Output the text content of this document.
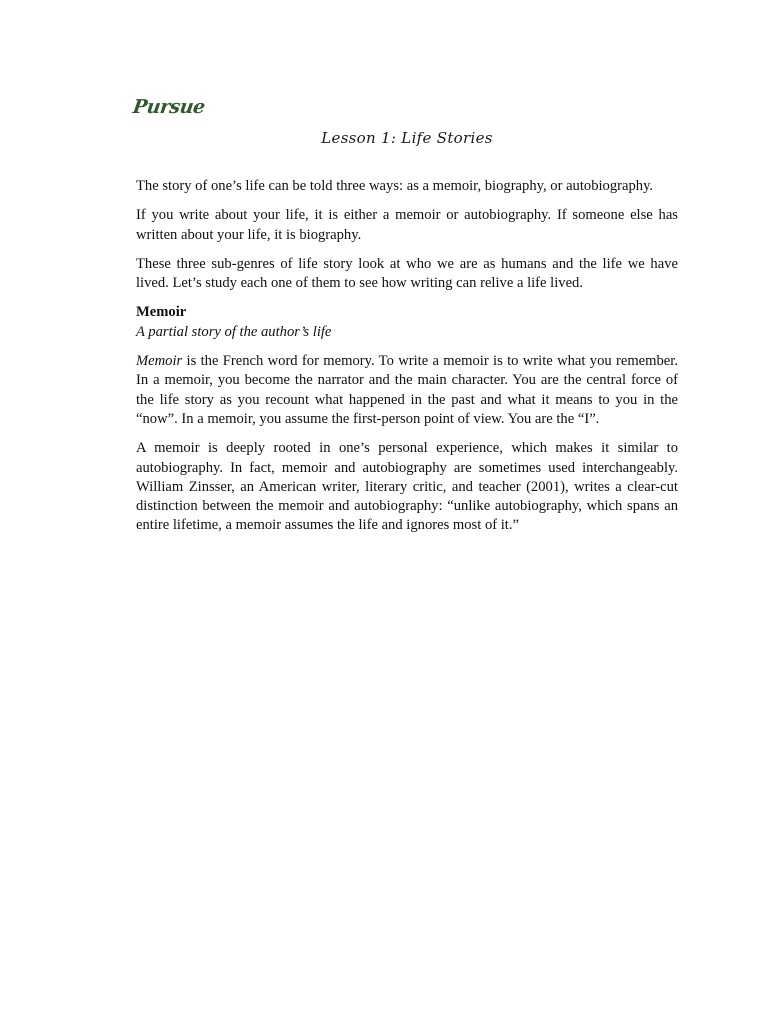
Pursue
Lesson 1: Life Stories

The story of one’s life can be told three ways: as a memoir, biography, or autobiography.

If you write about your life, it is either a memoir or autobiography. If someone else has written about your life, it is biography.

These three sub-genres of life story look at who we are as humans and the life we have lived. Let’s study each one of them to see how writing can relive a life lived.

Memoir
A partial story of the author’s life

Memoir is the French word for memory. To write a memoir is to write what you remember. In a memoir, you become the narrator and the main character. You are the central force of the life story as you recount what happened in the past and what it means to you in the “now”. In a memoir, you assume the first-person point of view. You are the “I”.

A memoir is deeply rooted in one’s personal experience, which makes it similar to autobiography. In fact, memoir and autobiography are sometimes used interchangeably. William Zinsser, an American writer, literary critic, and teacher (2001), writes a clear-cut distinction between the memoir and autobiography: “unlike autobiography, which spans an entire lifetime, a memoir assumes the life and ignores most of it.”
